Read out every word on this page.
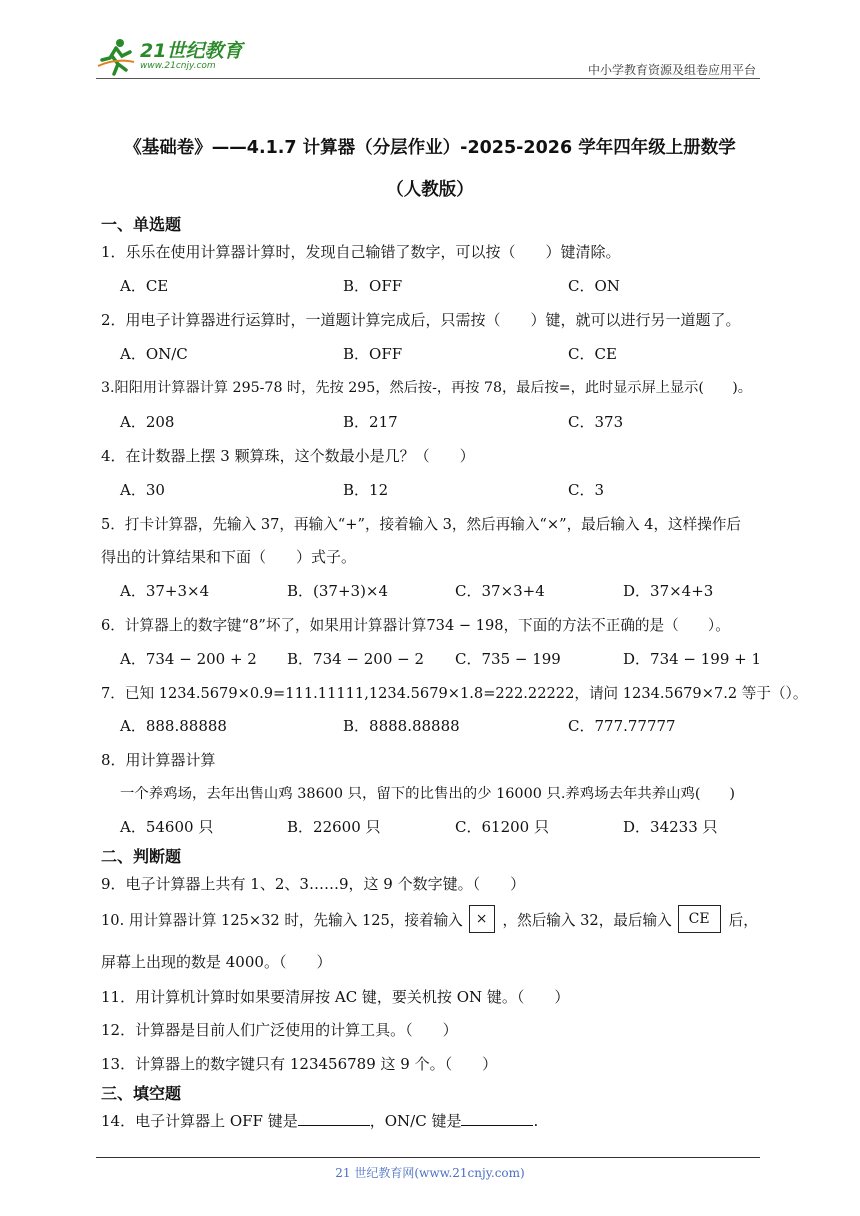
21世纪教育
www.21cnjy.com	中小学教育资源及组卷应用平台
《基础卷》——4.1.7 计算器（分层作业）-2025-2026 学年四年级上册数学
（人教版）
一、单选题
1．乐乐在使用计算器计算时，发现自己输错了数字，可以按（　　）键清除。
A．CE	B．OFF	C．ON
2．用电子计算器进行运算时，一道题计算完成后，只需按（　　）键，就可以进行另一道题了。
A．ON/C	B．OFF	C．CE
3.阳阳用计算器计算 295-78 时，先按 295，然后按-，再按 78，最后按=，此时显示屏上显示(　　)。
A．208	B．217	C．373
4．在计数器上摆 3 颗算珠，这个数最小是几？（　　）
A．30	B．12	C．3
5．打卡计算器，先输入 37，再输入“+”，接着输入 3，然后再输入“×”，最后输入 4，这样操作后
得出的计算结果和下面（　　）式子。
A．37+3×4	B．(37+3)×4	C．37×3+4	D．37×4+3
6．计算器上的数字键“8”坏了，如果用计算器计算734 − 198，下面的方法不正确的是（　　）。
A．734 − 200 + 2 B．734 − 200 − 2 C．735 − 199	D．734 − 199 + 1
7．已知 1234.5679×0.9=111.11111,1234.5679×1.8=222.22222，请问 1234.5679×7.2 等于（）。
A．888.88888	B．8888.88888	C．777.77777
8．用计算器计算
一个养鸡场，去年出售山鸡 38600 只，留下的比售出的少 16000 只.养鸡场去年共养山鸡(　　)
A．54600 只	B．22600 只	C．61200 只	D．34233 只
二、判断题
9．电子计算器上共有 1、2、3……9，这 9 个数字键。（　　）
10. 用计算器计算 125×32 时，先输入 125，接着输入 ×	，然后输入 32，最后输入	CE	后，
屏幕上出现的数是 4000。（　　）
11．用计算机计算时如果要清屏按 AC 键，要关机按 ON 键。（　　）
12．计算器是目前人们广泛使用的计算工具。（　　）
13．计算器上的数字键只有 123456789 这 9 个。（　　）
三、填空题
14．电子计算器上 OFF 键是	，ON/C 键是	.
21 世纪教育网(www.21cnjy.com)
